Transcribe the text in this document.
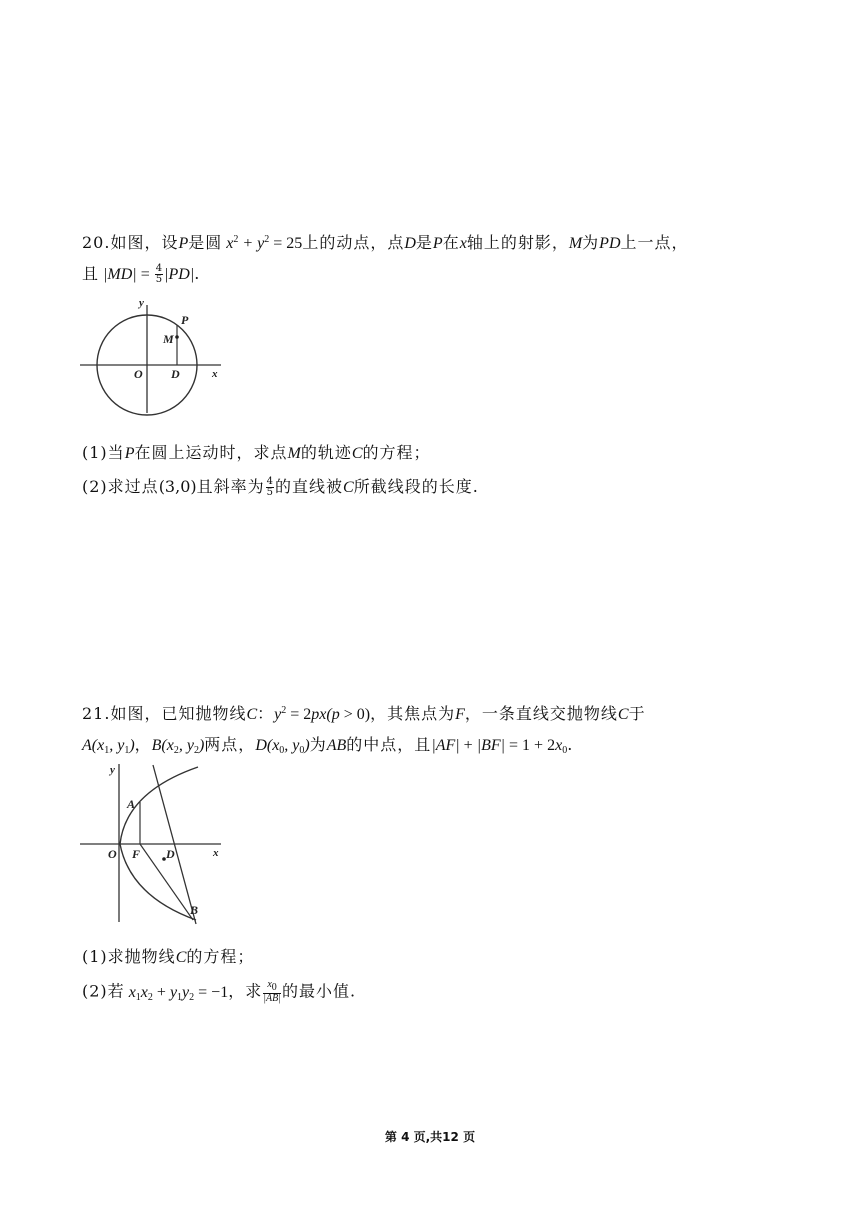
20.如图，设P是圆 $x^2 + y^2 = 25$上的动点，点D是P在x轴上的射影，M为PD上一点，
且 $|MD| = \frac{4}{5} |PD|$.
y
x
O D
M
P
(1)当P在圆上运动时，求点M的轨迹C的方程；
(2)求过点(3,0)且斜率为 $\frac{4}{5}$ 的直线被C所截线段的长度.
21.如图，已知抛物线C：$y^2 = 2px(p > 0)$，其焦点为F，一条直线交抛物线C于
$A(x_1$, $y_1$)，$B(x_2$, $y_2$)两点，$D(x_0$, $y_0$)为AB的中点，且$|AF| + |BF| = 1 + 2x_0$.
y
x
O F D
A
B
(1)求抛物线C的方程；
(2)若 $x_1x_2 + y_1y_2 = -1$，求 $\frac{x_0}{|AB|}$ 的最小值.
第 4 页,共12 页
